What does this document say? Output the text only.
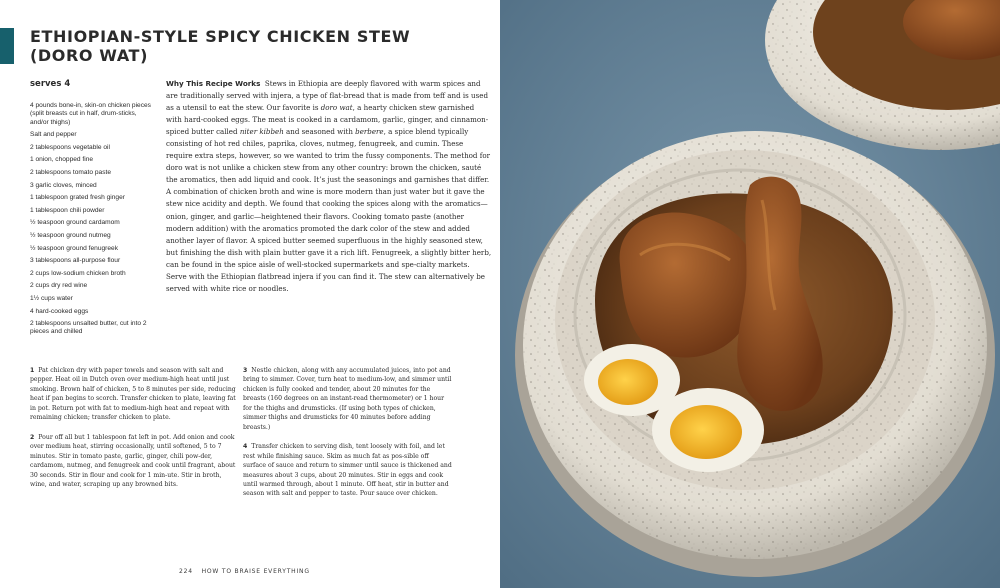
ETHIOPIAN-STYLE SPICY CHICKEN STEW
(DORO WAT)
serves 4
4 pounds bone-in, skin-on chicken pieces (split breasts cut in half, drum-sticks, and/or thighs)
Salt and pepper
2 tablespoons vegetable oil
1 onion, chopped fine
2 tablespoons tomato paste
3 garlic cloves, minced
1 tablespoon grated fresh ginger
1 tablespoon chili powder
½ teaspoon ground cardamom
½ teaspoon ground nutmeg
½ teaspoon ground fenugreek
3 tablespoons all-purpose flour
2 cups low-sodium chicken broth
2 cups dry red wine
1½ cups water
4 hard-cooked eggs
2 tablespoons unsalted butter, cut into 2 pieces and chilled

Why This Recipe Works Stews in Ethiopia are deeply flavored with warm spices and are traditionally served with injera, a type of flat-bread that is made from teff and is used as a utensil to eat the stew. Our favorite is doro wat, a hearty chicken stew garnished with hard-cooked eggs. The meat is cooked in a cardamom, garlic, ginger, and cinnamon-spiced butter called niter kibbeh and seasoned with berbere, a spice blend typically consisting of hot red chiles, paprika, cloves, nutmeg, fenugreek, and cumin. These require extra steps, however, so we wanted to trim the fussy components. The method for doro wat is not unlike a chicken stew from any other country: brown the chicken, sauté the aromatics, then add liquid and cook. It’s just the seasonings and garnishes that differ. A combination of chicken broth and wine is more modern than just water but it gave the stew nice acidity and depth. We found that cooking the spices along with the aromatics—onion, ginger, and garlic—heightened their flavors. Cooking tomato paste (another modern addition) with the aromatics promoted the dark color of the stew and added another layer of flavor. A spiced butter seemed superfluous in the highly seasoned stew, but finishing the dish with plain butter gave it a rich lift. Fenugreek, a slightly bitter herb, can be found in the spice aisle of well-stocked supermarkets and spe-cialty markets. Serve with the Ethiopian flatbread injera if you can find it. The stew can alternatively be served with white rice or noodles.

1 Pat chicken dry with paper towels and season with salt and pepper. Heat oil in Dutch oven over medium-high heat until just smoking. Brown half of chicken, 5 to 8 minutes per side, reducing heat if pan begins to scorch. Transfer chicken to plate, leaving fat in pot. Return pot with fat to medium-high heat and repeat with remaining chicken; transfer chicken to plate.

2 Pour off all but 1 tablespoon fat left in pot. Add onion and cook over medium heat, stirring occasionally, until softened, 5 to 7 minutes. Stir in tomato paste, garlic, ginger, chili pow-der, cardamom, nutmeg, and fenugreek and cook until fragrant, about 30 seconds. Stir in flour and cook for 1 min-ute. Stir in broth, wine, and water, scraping up any browned bits.

3 Nestle chicken, along with any accumulated juices, into pot and bring to simmer. Cover, turn heat to medium-low, and simmer until chicken is fully cooked and tender, about 20 minutes for the breasts (160 degrees on an instant-read thermometer) or 1 hour for the thighs and drumsticks. (If using both types of chicken, simmer thighs and drumsticks for 40 minutes before adding breasts.)

4 Transfer chicken to serving dish, tent loosely with foil, and let rest while finishing sauce. Skim as much fat as pos-sible off surface of sauce and return to simmer until sauce is thickened and measures about 3 cups, about 20 minutes. Stir in eggs and cook until warmed through, about 1 minute. Off heat, stir in butter and season with salt and pepper to taste. Pour sauce over chicken.

224 HOW TO BRAISE EVERYTHING
